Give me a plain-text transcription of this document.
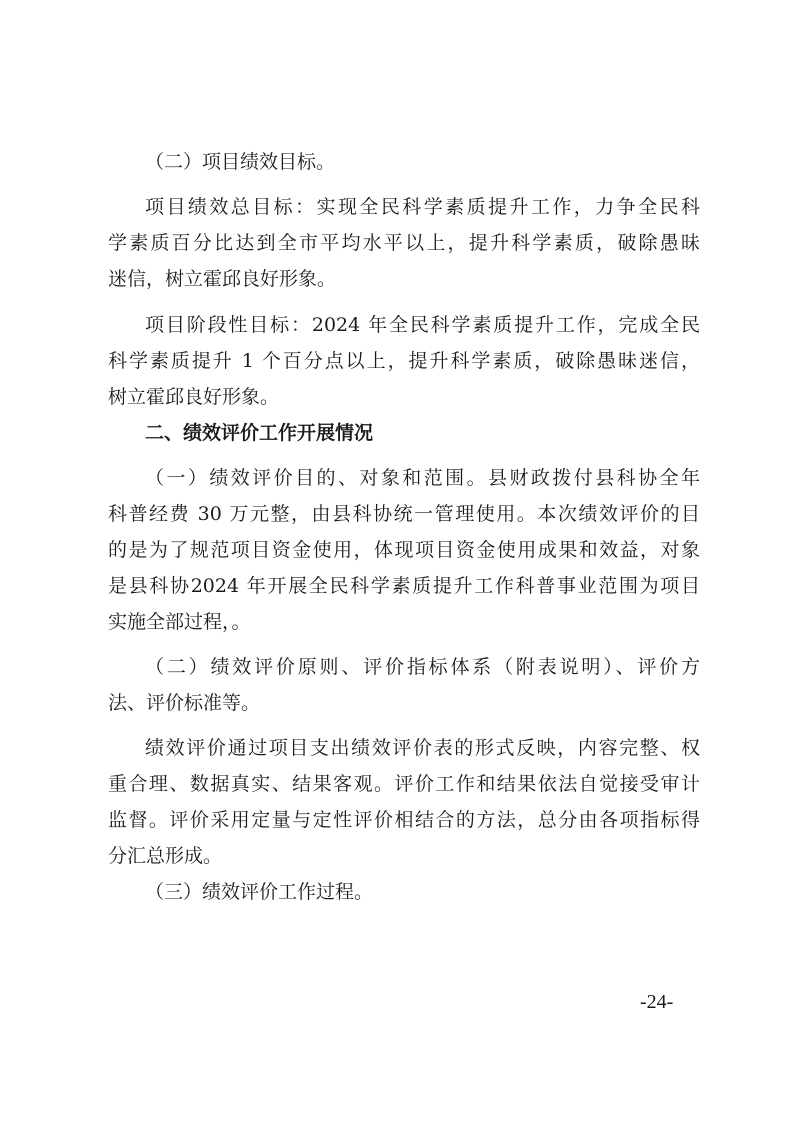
（二）项目绩效目标。
项目绩效总目标：实现全民科学素质提升工作，力争全民科
学素质百分比达到全市平均水平以上，提升科学素质，破除愚昧
迷信，树立霍邱良好形象。
项目阶段性目标：2024 年全民科学素质提升工作，完成全民
科学素质提升 1 个百分点以上，提升科学素质，破除愚昧迷信，
树立霍邱良好形象。
二、绩效评价工作开展情况
（一）绩效评价目的、对象和范围。县财政拨付县科协全年
科普经费 30 万元整，由县科协统一管理使用。本次绩效评价的目
的是为了规范项目资金使用，体现项目资金使用成果和效益，对象
是县科协2024 年开展全民科学素质提升工作科普事业范围为项目
实施全部过程，。
（二）绩效评价原则、评价指标体系（附表说明）、评价方
法、评价标准等。
绩效评价通过项目支出绩效评价表的形式反映，内容完整、权
重合理、数据真实、结果客观。评价工作和结果依法自觉接受审计
监督。评价采用定量与定性评价相结合的方法，总分由各项指标得
分汇总形成。
（三）绩效评价工作过程。
-24-
